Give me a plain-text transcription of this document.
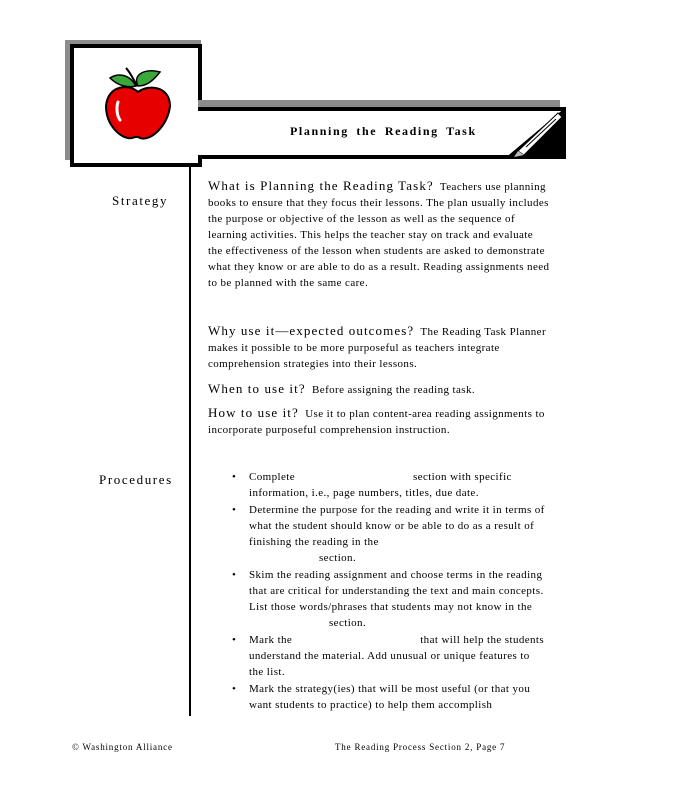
Planning the Reading Task
Strategy
Procedures

What is Planning the Reading Task? Teachers use planning books to ensure that they focus their lessons. The plan usually includes the purpose or objective of the lesson as well as the sequence of learning activities. This helps the teacher stay on track and evaluate the effectiveness of the lesson when students are asked to demonstrate what they know or are able to do as a result. Reading assignments need to be planned with the same care.

Why use it—expected outcomes? The Reading Task Planner makes it possible to be more purposeful as teachers integrate comprehension strategies into their lessons.

When to use it? Before assigning the reading task.

How to use it? Use it to plan content-area reading assignments to incorporate purposeful comprehension instruction.

• Complete	section with specific information, i.e., page numbers, titles, due date.
• Determine the purpose for the reading and write it in terms of what the student should know or be able to do as a result of finishing the reading in the
section.
• Skim the reading assignment and choose terms in the reading that are critical for understanding the text and main concepts. List those words/phrases that students may not know in thesection.
• Mark the	that will help the students understand the material. Add unusual or unique features to the list.
• Mark the strategy(ies) that will be most useful (or that you want students to practice) to help them accomplish
© Washington Alliance	The Reading Process Section 2, Page 7
